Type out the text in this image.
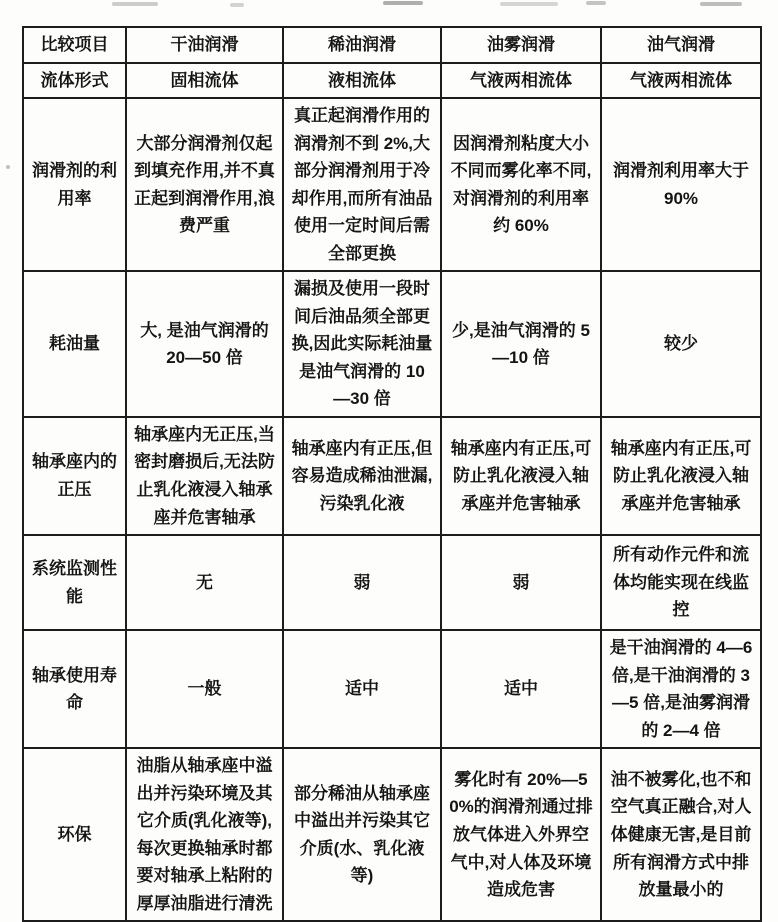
比较项目	干油润滑	稀油润滑	油雾润滑	油气润滑
流体形式	固相流体	液相流体	气液两相流体	气液两相流体
润滑剂的利用率	大部分润滑剂仅起到填充作用,并不真正起到润滑作用,浪费严重	真正起润滑作用的润滑剂不到 2%,大部分润滑剂用于冷却作用,而所有油品使用一定时间后需全部更换	因润滑剂粘度大小不同而雾化率不同,对润滑剂的利用率约 60%	润滑剂利用率大于 90%
耗油量	大, 是油气润滑的 20—50 倍	漏损及使用一段时间后油品须全部更换,因此实际耗油量是油气润滑的 10—30 倍	少,是油气润滑的 5—10 倍	较少
轴承座内的正压	轴承座内无正压,当密封磨损后,无法防止乳化液浸入轴承座并危害轴承	轴承座内有正压,但容易造成稀油泄漏,污染乳化液	轴承座内有正压,可防止乳化液浸入轴承座并危害轴承	轴承座内有正压,可防止乳化液浸入轴承座并危害轴承
系统监测性能	无	弱	弱	所有动作元件和流体均能实现在线监控
轴承使用寿命	一般	适中	适中	是干油润滑的 4—6 倍,是干油润滑的 3—5 倍,是油雾润滑的 2—4 倍
环保	油脂从轴承座中溢出并污染环境及其它介质(乳化液等),每次更换轴承时都要对轴承上粘附的厚厚油脂进行清洗	部分稀油从轴承座中溢出并污染其它介质(水、乳化液等)	雾化时有 20%—50%的润滑剂通过排放气体进入外界空气中,对人体及环境造成危害	油不被雾化,也不和空气真正融合,对人体健康无害,是目前所有润滑方式中排放量最小的
